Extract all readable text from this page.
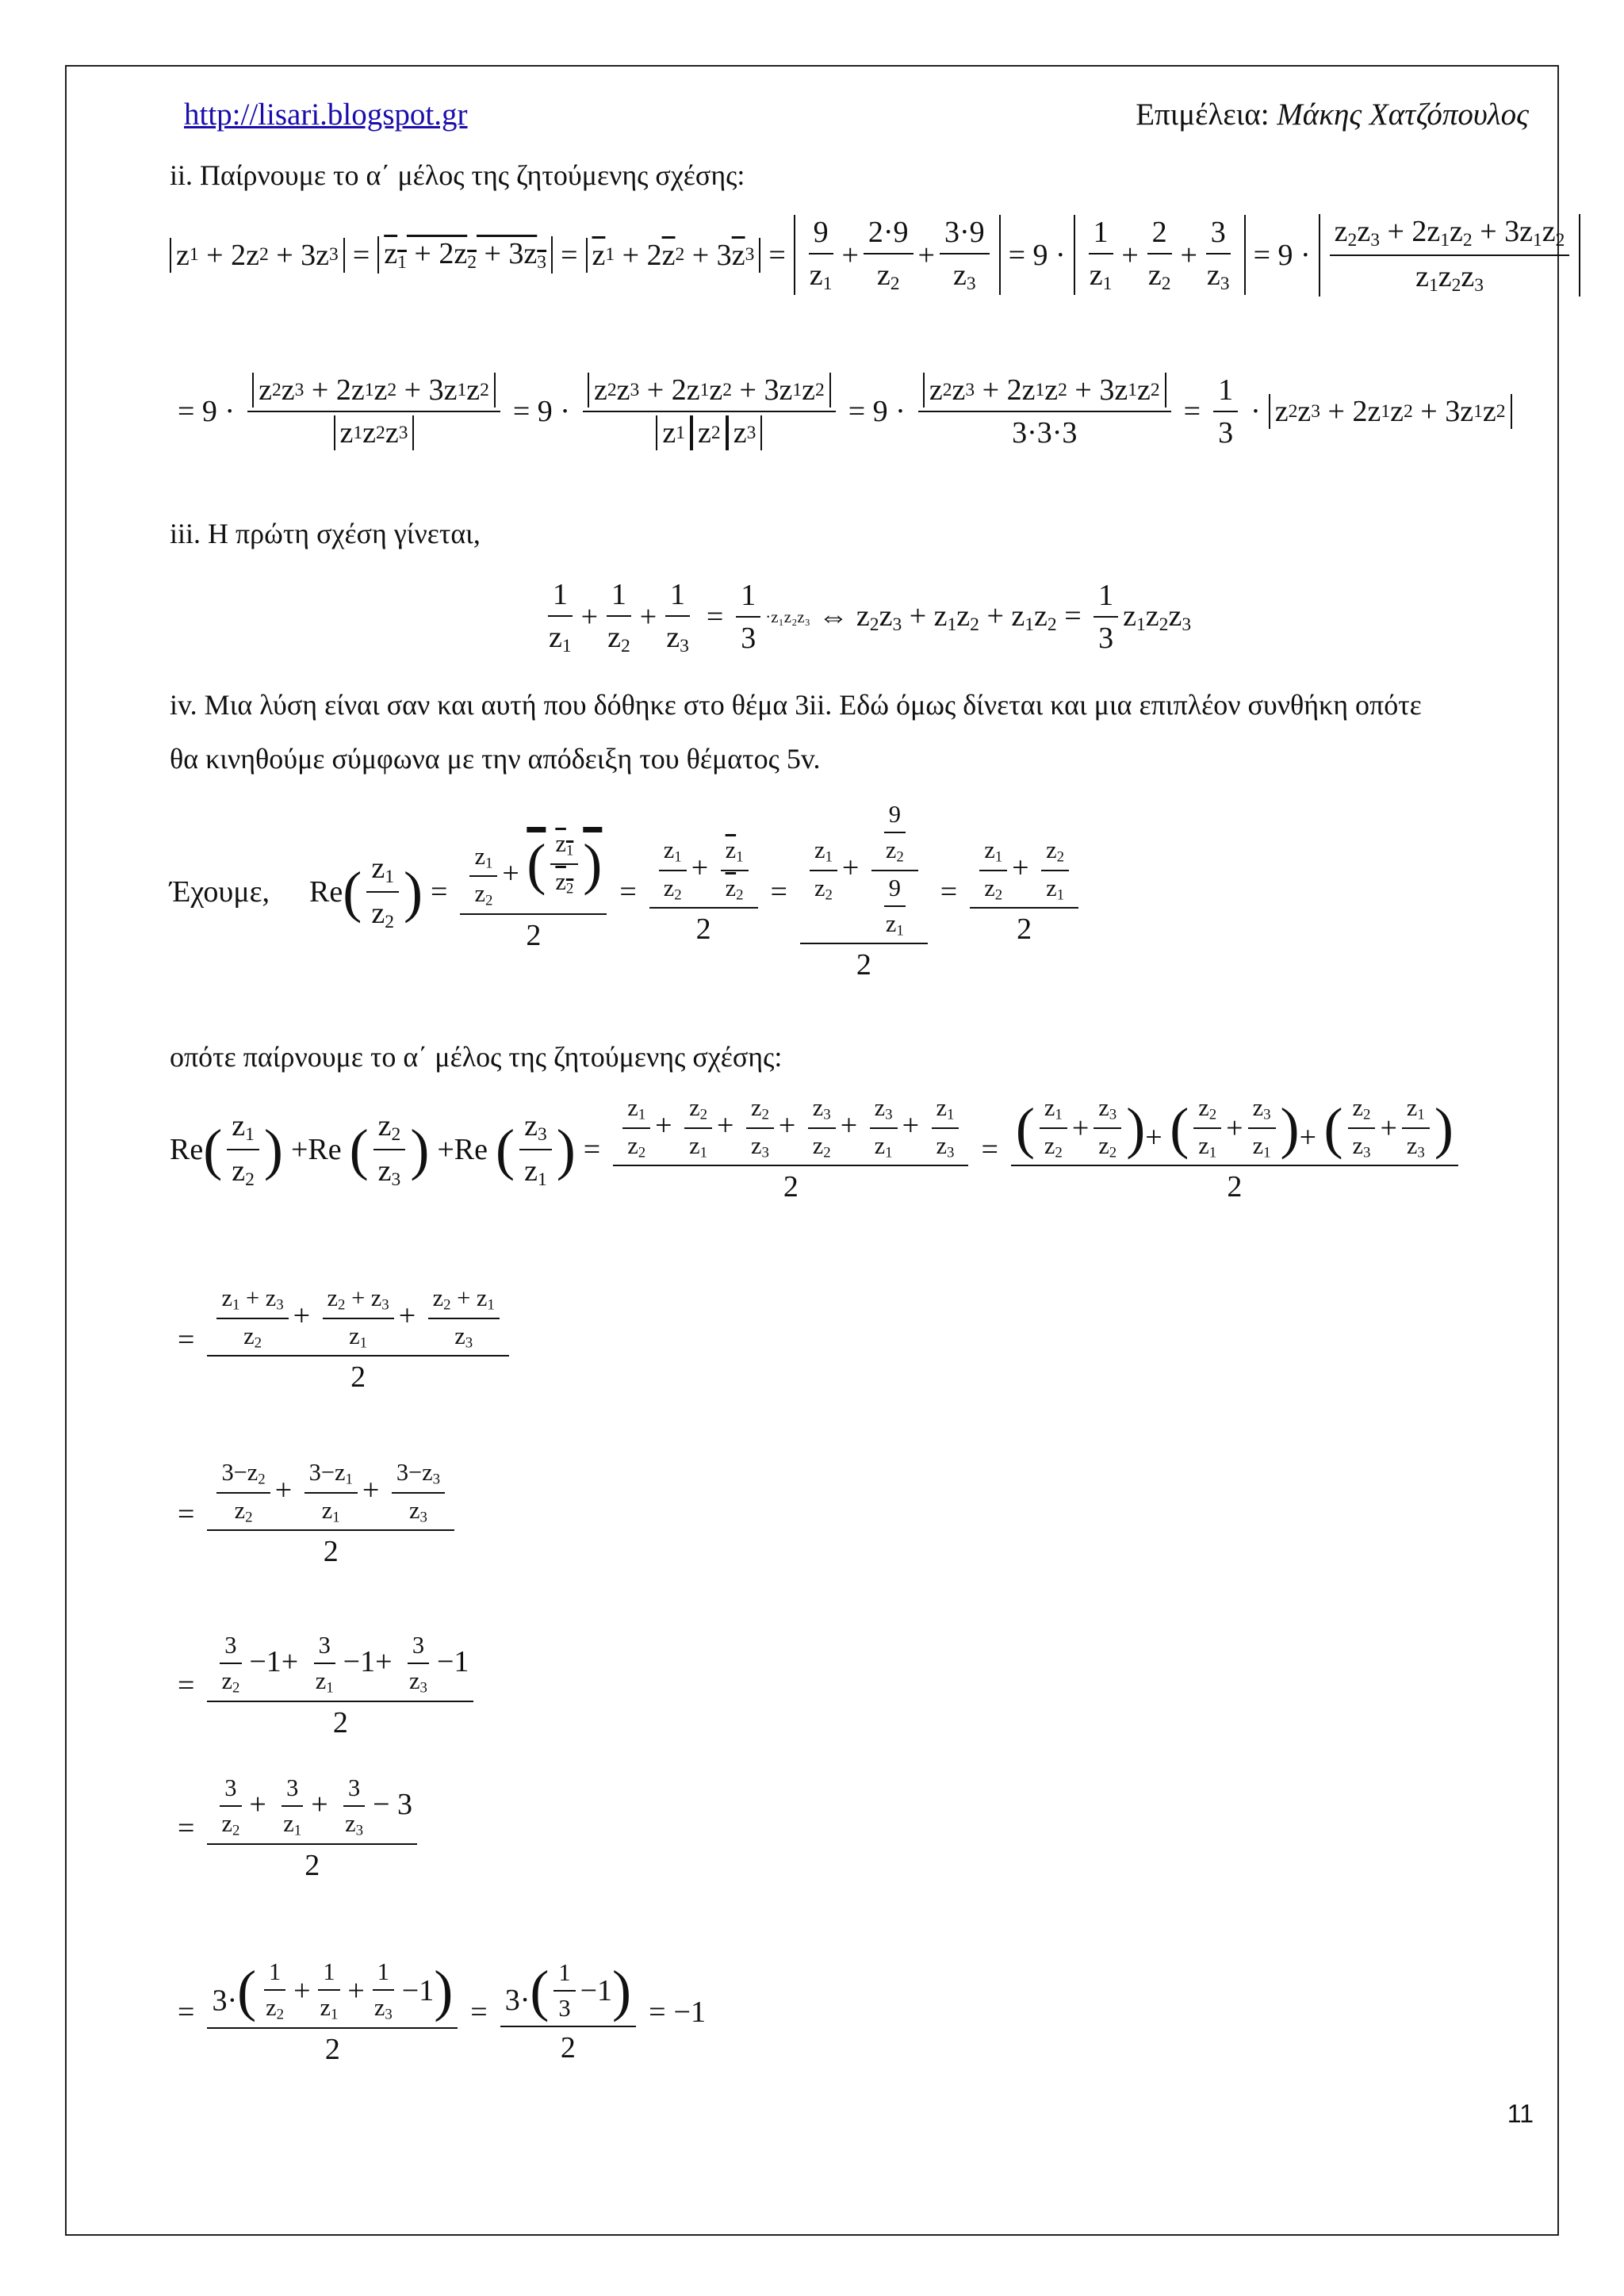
http://lisari.blogspot.gr	Επιμέλεια: Μάκης Χατζόπουλος
ii. Παίρνουμε το α΄ μέλος της ζητούμενης σχέσης:
z 1 + 2z 2 + 3z $3 = z_1 + 2z_2 + 3z_3 = \overline{z}$ 1 + 2 $\overline{z}$ 2 + 3 $\overline{z}$ 3 =
9
$z_1$
+
2·9
$z_2$
+
3·9
$z_3$
= 9 ·
1
$z_1$
+
2
$z_2$
+
3
$z_3$
= 9 ·
$z_2z_3 + 2z_1z_2 + 3z_1z_2$
$z_1z_2z_3$
= $9 \cdot \frac{z 2 z 3 + 2z 1 z 2 + 3z 1 z 2}{z 1 z 2 z 3} = 9 \cdot \frac{z 2 z 3 + 2z 1 z 2 + 3z 1 z 2}{z 1 z 2 z 3} = 9 \cdot \frac{z 2 z 3 + 2z 1 z 2 + 3z 1 z 2}{3\cdot 3\cdot 3} = \frac{1}{3} \cdot z$ 2 z 3 + 2z 1 z 2 + 3z 1 z 2
iii. Η πρώτη σχέση γίνεται,
1
$z_1$
+
1
$z_2$
+ $\frac{1}{z_3} = \frac{1}{3} \cdot z_1z_2z_3$ ⇔ $z_2z_3 + z_1z_2 + z_1z_2 = \frac{1}{3} z_1z_2z_3$
iv. Μια λύση είναι σαν και αυτή που δόθηκε στο θέμα 3ii. Εδώ όμως δίνεται και μια επιπλέον συνθήκη οπότε
θα κινηθούμε σύμφωνα με την απόδειξη του θέματος 5v.
Έχουμε, Re
( $z_1$
$z_2$
)
= $\frac{z_1}{z_2}$ +
( $z_1$
$z_2$
)
$2 = \frac{\frac{z_1}{z_2} + \frac{\overline{z}_1}{\overline{z}_2}}{2} = \frac{\frac{z_1}{z_2} + \frac{\frac{9}{z_2}}{\frac{9}{z_1}}}{2} = \frac{\frac{z_1}{z_2} + \frac{z_2}{z_1}}{2}$
οπότε παίρνουμε το α΄ μέλος της ζητούμενης σχέσης:
Re
( $z_1$
$z_2$
)
+Re
( $z_2$
$z_3$
)
+Re
( $z_3$
$z_1$
)
= $\frac{z_1}{z_2} + \frac{z_2}{z_1} + \frac{z_2}{z_3} + \frac{z_3}{z_2} + \frac{z_3}{z_1} + \frac{z_1}{z_3}$
2
= ( $z_1$
$z_2$
+
$z_3$
$z_2$
) +
( $z_2$
$z_1$
+
$z_3$
$z_1$
) +
( $z_2$
$z_3$
+
$z_1$
$z_3$
)
2
= $\frac{\frac{z_1 + z_3}{z_2} + \frac{z_2 + z_3}{z_1} + \frac{z_2 + z_1}{z_3}}{2}$
= $\frac{\frac{3-z_2}{z_2} + \frac{3-z_1}{z_1} + \frac{3-z_3}{z_3}}{2}$
= $\frac{\frac{3}{z_2} -1+ \frac{3}{z_1} -1+ \frac{3}{z_3} -1}{2}$
= $\frac{\frac{3}{z_2} + \frac{3}{z_1} + \frac{3}{z_3} - 3}{2}$
= 3·
( 1
$z_2$
+
1
$z_1$
+
1
$z_3$
−1 )
2 = 3·
( 1
3
−1 )
2 = −1
11
